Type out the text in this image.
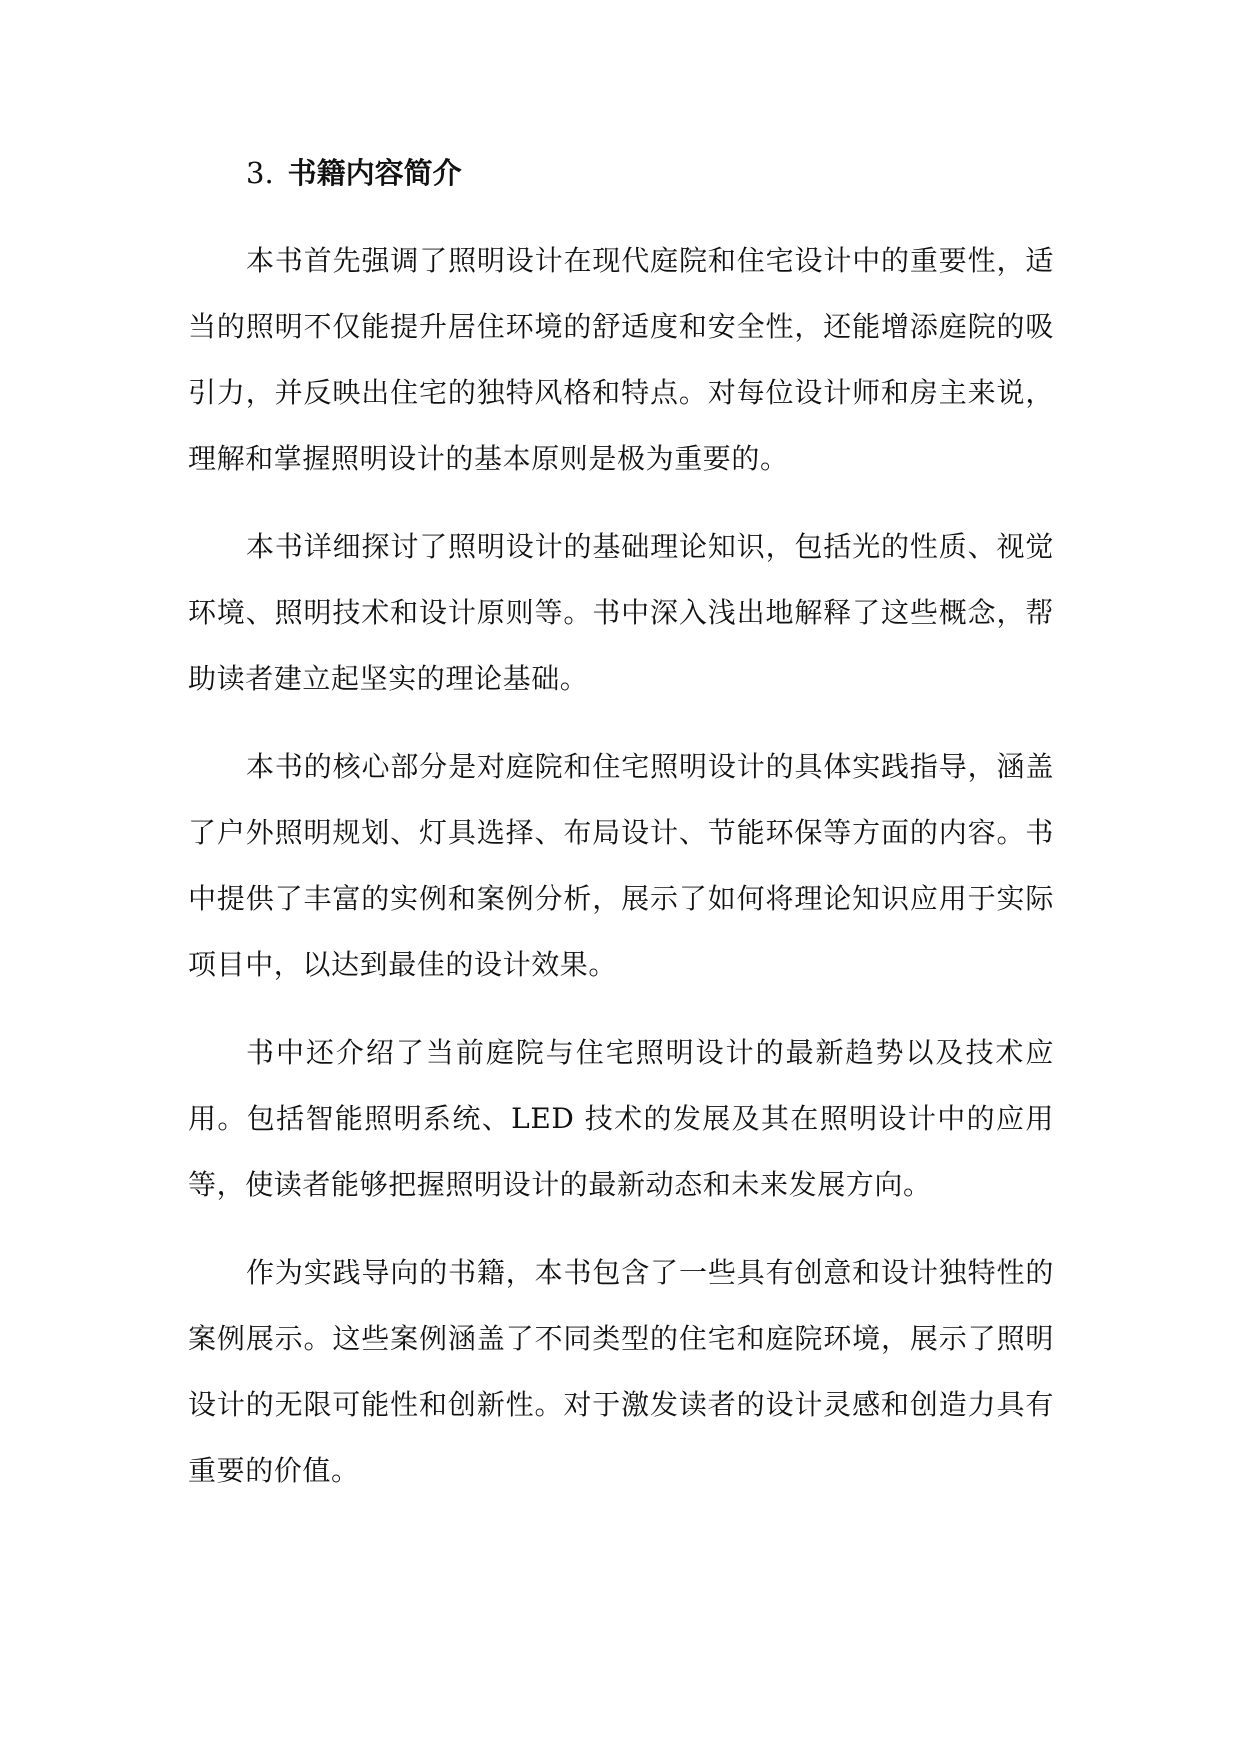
3. 书籍内容简介

本书首先强调了照明设计在现代庭院和住宅设计中的重要性，适当的照明不仅能提升居住环境的舒适度和安全性，还能增添庭院的吸引力，并反映出住宅的独特风格和特点。对每位设计师和房主来说，理解和掌握照明设计的基本原则是极为重要的。

本书详细探讨了照明设计的基础理论知识，包括光的性质、视觉环境、照明技术和设计原则等。书中深入浅出地解释了这些概念，帮助读者建立起坚实的理论基础。

本书的核心部分是对庭院和住宅照明设计的具体实践指导，涵盖了户外照明规划、灯具选择、布局设计、节能环保等方面的内容。书中提供了丰富的实例和案例分析，展示了如何将理论知识应用于实际项目中，以达到最佳的设计效果。

书中还介绍了当前庭院与住宅照明设计的最新趋势以及技术应用。包括智能照明系统、LED 技术的发展及其在照明设计中的应用等，使读者能够把握照明设计的最新动态和未来发展方向。

作为实践导向的书籍，本书包含了一些具有创意和设计独特性的案例展示。这些案例涵盖了不同类型的住宅和庭院环境，展示了照明设计的无限可能性和创新性。对于激发读者的设计灵感和创造力具有重要的价值。
